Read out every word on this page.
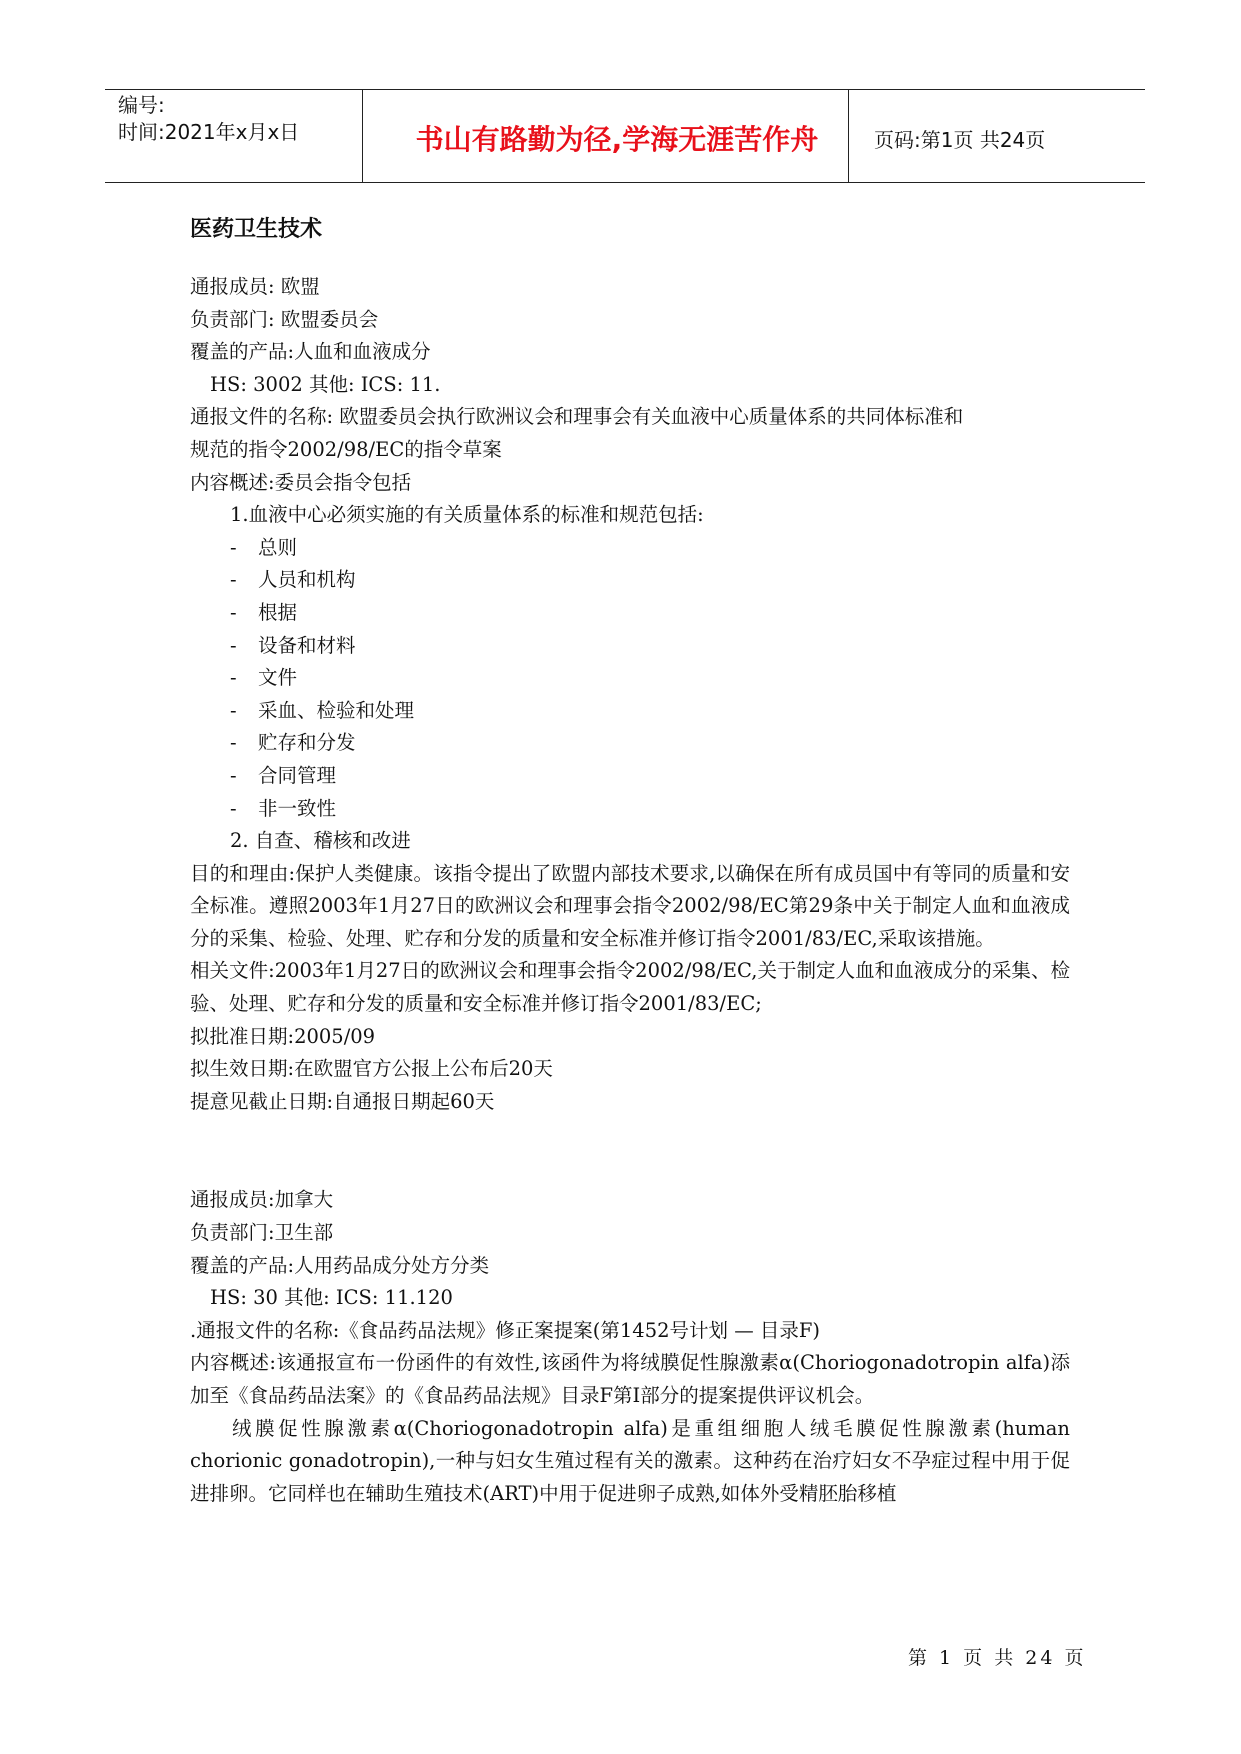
编号:
时间:2021年x月x日	书山有路勤为径,学海无涯苦作舟	页码:第1页 共24页
医药卫生技术
通报成员: 欧盟
负责部门: 欧盟委员会
覆盖的产品:人血和血液成分
HS: 3002 其他: ICS: 11.
通报文件的名称: 欧盟委员会执行欧洲议会和理事会有关血液中心质量体系的共同体标准和
规范的指令2002/98/EC的指令草案
内容概述:委员会指令包括
1.血液中心必须实施的有关质量体系的标准和规范包括:
- 总则
- 人员和机构
- 根据
- 设备和材料
- 文件
- 采血、检验和处理
- 贮存和分发
- 合同管理
- 非一致性
2. 自查、稽核和改进
目的和理由:保护人类健康。该指令提出了欧盟内部技术要求,以确保在所有成员国中有等同的质量和安全标准。遵照2003年1月27日的欧洲议会和理事会指令2002/98/EC第29条中关于制定人血和血液成分的采集、检验、处理、贮存和分发的质量和安全标准并修订指令2001/83/EC,采取该措施。
相关文件:2003年1月27日的欧洲议会和理事会指令2002/98/EC,关于制定人血和血液成分的采集、检验、处理、贮存和分发的质量和安全标准并修订指令2001/83/EC;
拟批准日期:2005/09
拟生效日期:在欧盟官方公报上公布后20天
提意见截止日期:自通报日期起60天
通报成员:加拿大
负责部门:卫生部
覆盖的产品:人用药品成分处方分类
HS: 30 其他: ICS: 11.120
.通报文件的名称:《食品药品法规》修正案提案(第1452号计划 — 目录F)
内容概述:该通报宣布一份函件的有效性,该函件为将绒膜促性腺激素α(Choriogonadotropin alfa)添加至《食品药品法案》的《食品药品法规》目录F第I部分的提案提供评议机会。
绒膜促性腺激素α(Choriogonadotropin alfa)是重组细胞人绒毛膜促性腺激素(human chorionic gonadotropin),一种与妇女生殖过程有关的激素。这种药在治疗妇女不孕症过程中用于促进排卵。它同样也在辅助生殖技术(ART)中用于促进卵子成熟,如体外受精胚胎移植
第 1 页 共 24 页
